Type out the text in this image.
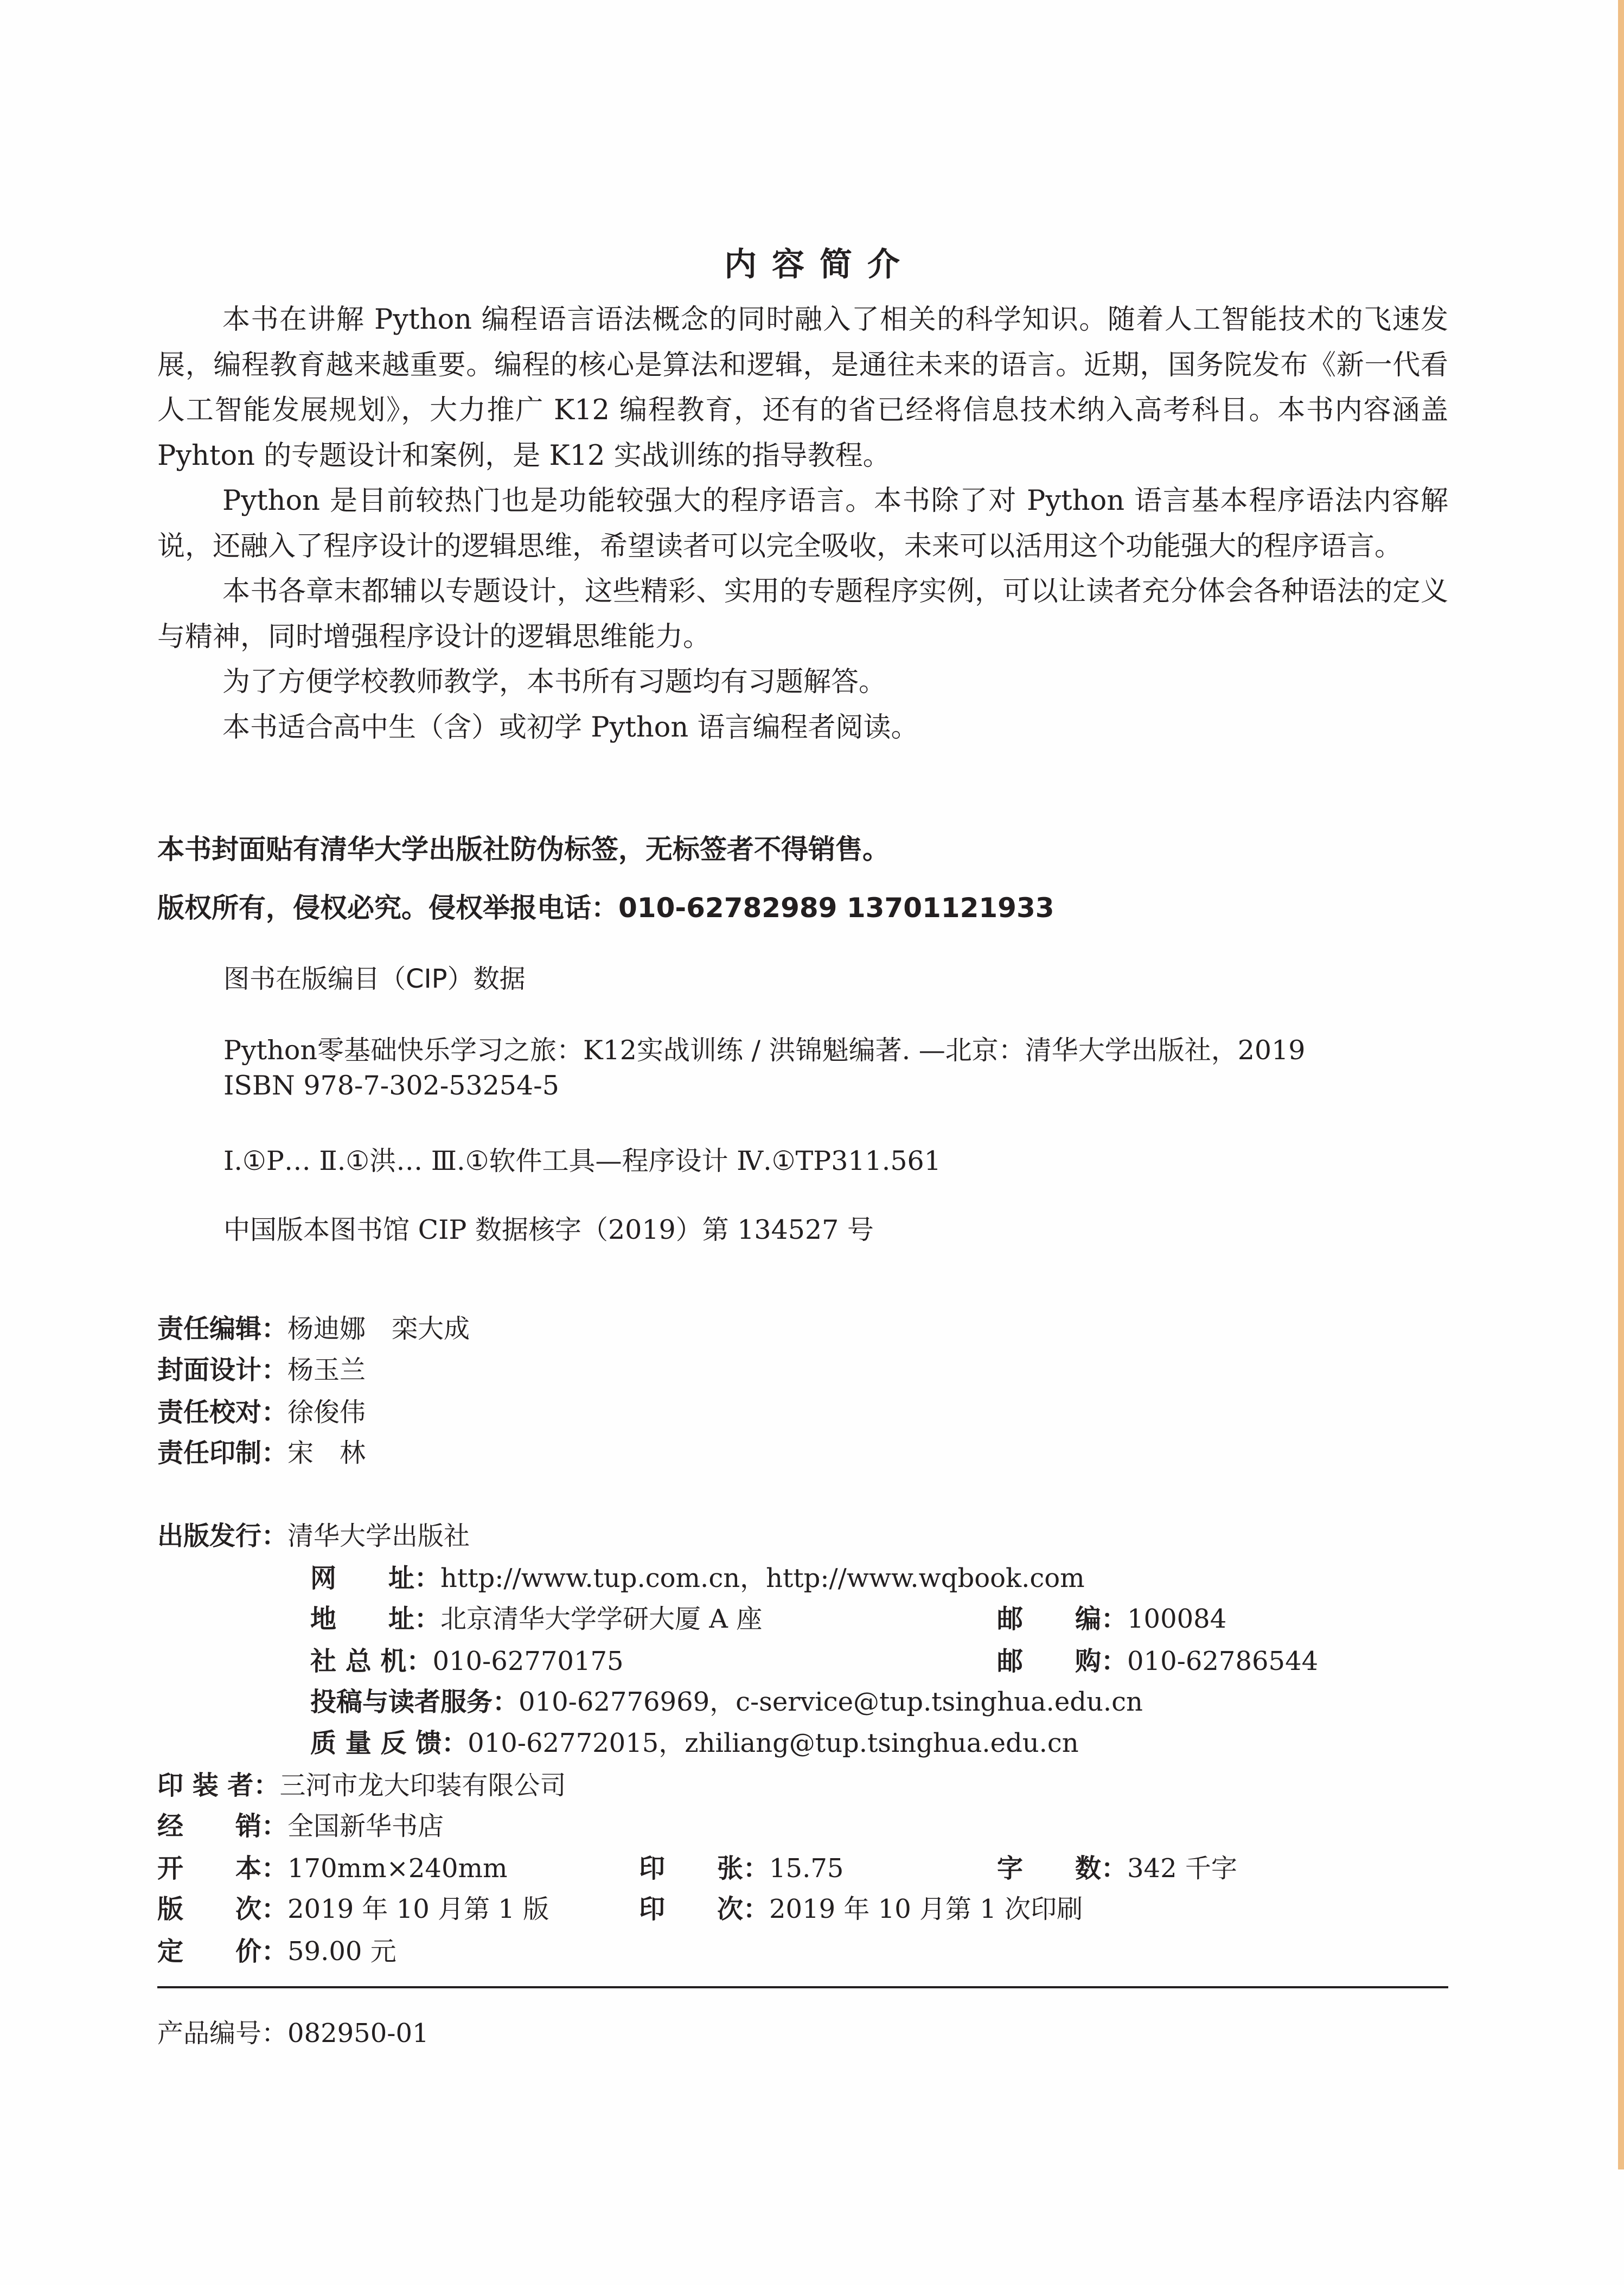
内容简介

本书在讲解 Python 编程语言语法概念的同时融入了相关的科学知识。随着人工智能技术的飞速发展，编程教育越来越重要。编程的核心是算法和逻辑，是通往未来的语言。近期，国务院发布《新一代看人工智能发展规划》，大力推广 K12 编程教育，还有的省已经将信息技术纳入高考科目。本书内容涵盖 Pyhton 的专题设计和案例，是 K12 实战训练的指导教程。

Python 是目前较热门也是功能较强大的程序语言。本书除了对 Python 语言基本程序语法内容解说，还融入了程序设计的逻辑思维，希望读者可以完全吸收，未来可以活用这个功能强大的程序语言。

本书各章末都辅以专题设计，这些精彩、实用的专题程序实例，可以让读者充分体会各种语法的定义与精神，同时增强程序设计的逻辑思维能力。

为了方便学校教师教学，本书所有习题均有习题解答。

本书适合高中生（含）或初学 Python 语言编程者阅读。

本书封面贴有清华大学出版社防伪标签，无标签者不得销售。
版权所有，侵权必究。侵权举报电话：010-62782989 13701121933
图书在版编目（CIP）数据
Python零基础快乐学习之旅：K12实战训练 / 洪锦魁编著. —北京：清华大学出版社，2019
ISBN 978-7-302-53254-5
Ⅰ.①P… Ⅱ.①洪… Ⅲ.①软件工具—程序设计 Ⅳ.①TP311.561
中国版本图书馆 CIP 数据核字（2019）第 134527 号
责任编辑：杨迪娜　栾大成
封面设计：杨玉兰
责任校对：徐俊伟
责任印制：宋　林
出版发行：清华大学出版社
网　　址：http://www.tup.com.cn，http://www.wqbook.com
地　　址：北京清华大学学研大厦 A 座	邮　　编：100084
社 总 机：010-62770175	邮　　购：010-62786544
投稿与读者服务：010-62776969，c-service@tup.tsinghua.edu.cn
质 量 反 馈：010-62772015，zhiliang@tup.tsinghua.edu.cn
印 装 者：三河市龙大印装有限公司
经　　销：全国新华书店
开　　本：170mm×240mm	印　　张：15.75	字　　数：342 千字
版　　次：2019 年 10 月第 1 版	印　　次：2019 年 10 月第 1 次印刷
定　　价：59.00 元
产品编号：082950-01
